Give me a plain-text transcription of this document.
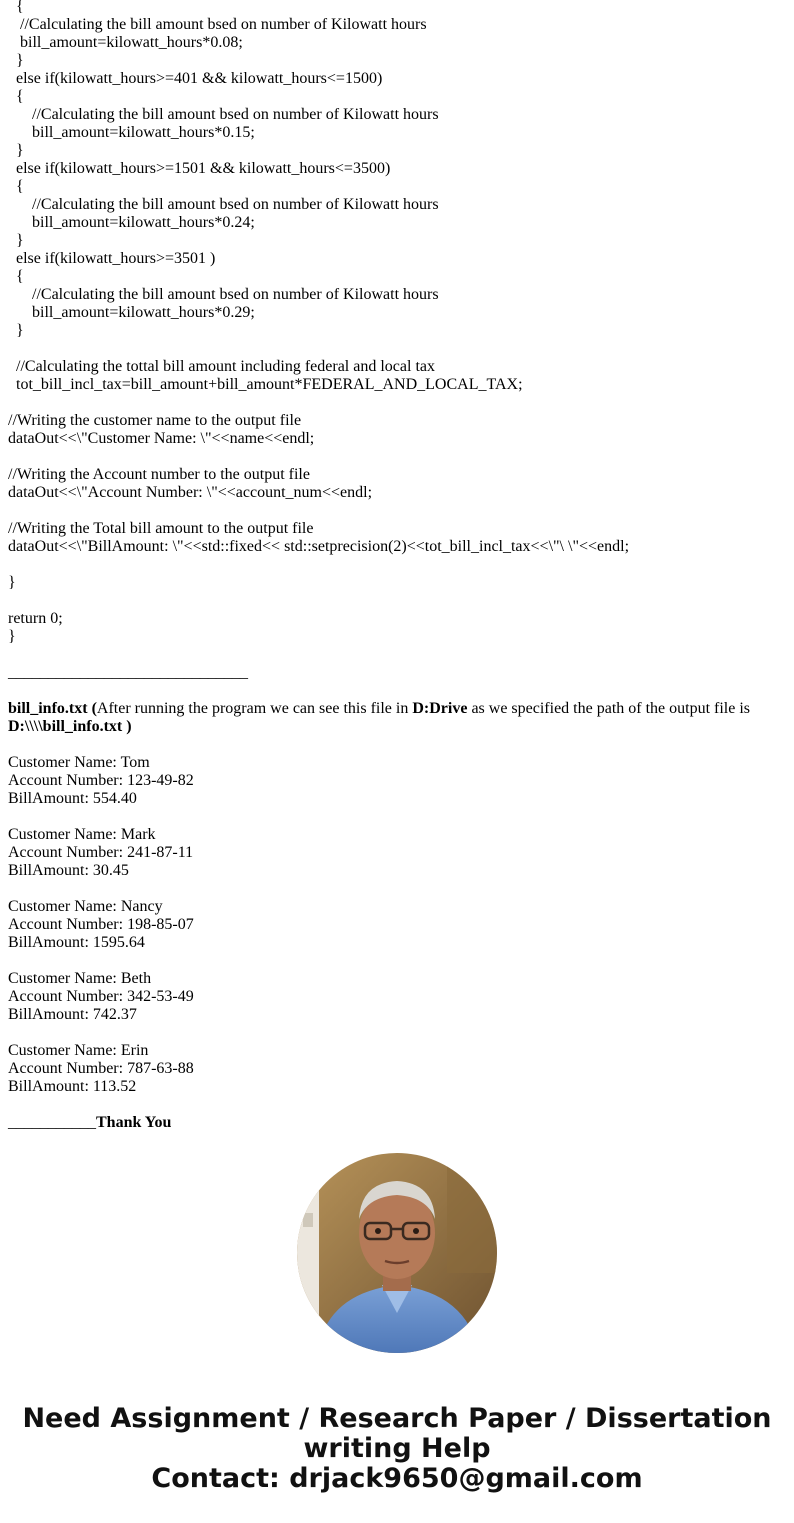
{
//Calculating the bill amount bsed on number of Kilowatt hours
bill_amount=kilowatt_hours*0.08;
}
else if(kilowatt_hours>=401 && kilowatt_hours<=1500)
{
//Calculating the bill amount bsed on number of Kilowatt hours
bill_amount=kilowatt_hours*0.15;
}
else if(kilowatt_hours>=1501 && kilowatt_hours<=3500)
{
//Calculating the bill amount bsed on number of Kilowatt hours
bill_amount=kilowatt_hours*0.24;
}
else if(kilowatt_hours>=3501 )
{
//Calculating the bill amount bsed on number of Kilowatt hours
bill_amount=kilowatt_hours*0.29;
}
//Calculating the tottal bill amount including federal and local tax
tot_bill_incl_tax=bill_amount+bill_amount*FEDERAL_AND_LOCAL_TAX;
//Writing the customer name to the output file
dataOut<<\"Customer Name: \"<<name<<endl;
//Writing the Account number to the output file
dataOut<<\"Account Number: \"<<account_num<<endl;
//Writing the Total bill amount to the output file
dataOut<<\"BillAmount: \"<<std::fixed<< std::setprecision(2)<<tot_bill_incl_tax<<\"\ \"<<endl;
}
return 0;
}
______________________________
bill_info.txt (After running the program we can see this file in D:Drive as we specified the path of the output file is
D:\\\\bill_info.txt )
Customer Name: Tom
Account Number: 123-49-82
BillAmount: 554.40
Customer Name: Mark
Account Number: 241-87-11
BillAmount: 30.45
Customer Name: Nancy
Account Number: 198-85-07
BillAmount: 1595.64
Customer Name: Beth
Account Number: 342-53-49
BillAmount: 742.37
Customer Name: Erin
Account Number: 787-63-88
BillAmount: 113.52
___________Thank You
Need Assignment / Research Paper / Dissertation
writing Help
Contact: drjack9650@gmail.com
